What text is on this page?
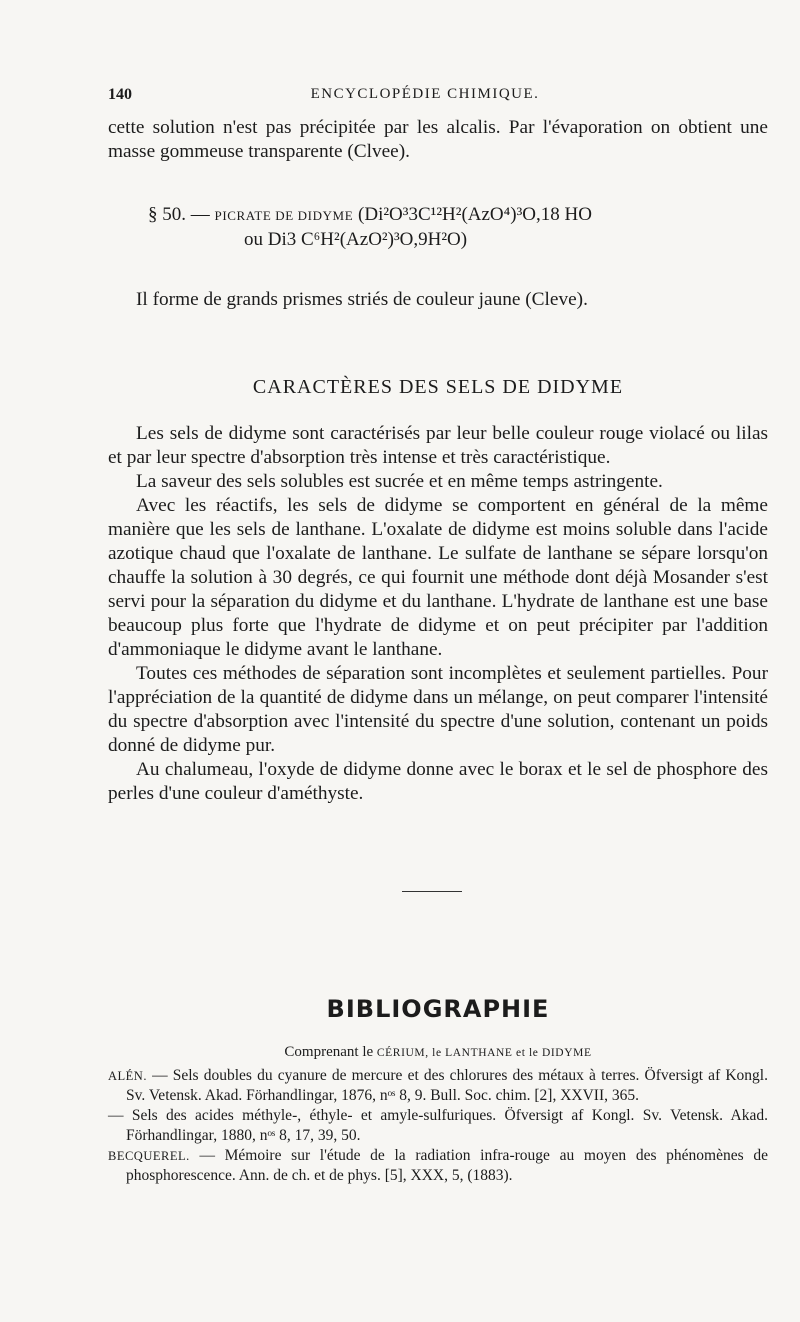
140	ENCYCLOPÉDIE CHIMIQUE.

cette solution n'est pas précipitée par les alcalis. Par l'évaporation on obtient une masse gommeuse transparente (Clvee).

§ 50. — PICRATE DE DIDYME (Di²O³3C¹²H²(AzO⁴)³O,18 HO
ou Di3 C⁶H²(AzO²)³O,9H²O)

Il forme de grands prismes striés de couleur jaune (Cleve).

CARACTÈRES DES SELS DE DIDYME

Les sels de didyme sont caractérisés par leur belle couleur rouge violacé ou lilas et par leur spectre d'absorption très intense et très caractéristique.

La saveur des sels solubles est sucrée et en même temps astringente.

Avec les réactifs, les sels de didyme se comportent en général de la même manière que les sels de lanthane. L'oxalate de didyme est moins soluble dans l'acide azotique chaud que l'oxalate de lanthane. Le sulfate de lanthane se sépare lorsqu'on chauffe la solution à 30 degrés, ce qui fournit une méthode dont déjà Mosander s'est servi pour la séparation du didyme et du lanthane. L'hydrate de lanthane est une base beaucoup plus forte que l'hydrate de didyme et on peut précipiter par l'addition d'ammoniaque le didyme avant le lanthane.

Toutes ces méthodes de séparation sont incomplètes et seulement partielles. Pour l'appréciation de la quantité de didyme dans un mélange, on peut comparer l'intensité du spectre d'absorption avec l'intensité du spectre d'une solution, contenant un poids donné de didyme pur.

Au chalumeau, l'oxyde de didyme donne avec le borax et le sel de phosphore des perles d'une couleur d'améthyste.

BIBLIOGRAPHIE
Comprenant le CÉRIUM, le LANTHANE et le DIDYME

ALÉN. — Sels doubles du cyanure de mercure et des chlorures des métaux à terres. Öfversigt af Kongl. Sv. Vetensk. Akad. Förhandlingar, 1876, nᵒˢ 8, 9. Bull. Soc. chim. [2], XXVII, 365.

— Sels des acides méthyle-, éthyle- et amyle-sulfuriques. Öfversigt af Kongl. Sv. Vetensk. Akad. Förhandlingar, 1880, nᵒˢ 8, 17, 39, 50.

BECQUEREL. — Mémoire sur l'étude de la radiation infra-rouge au moyen des phénomènes de phosphorescence. Ann. de ch. et de phys. [5], XXX, 5, (1883).
